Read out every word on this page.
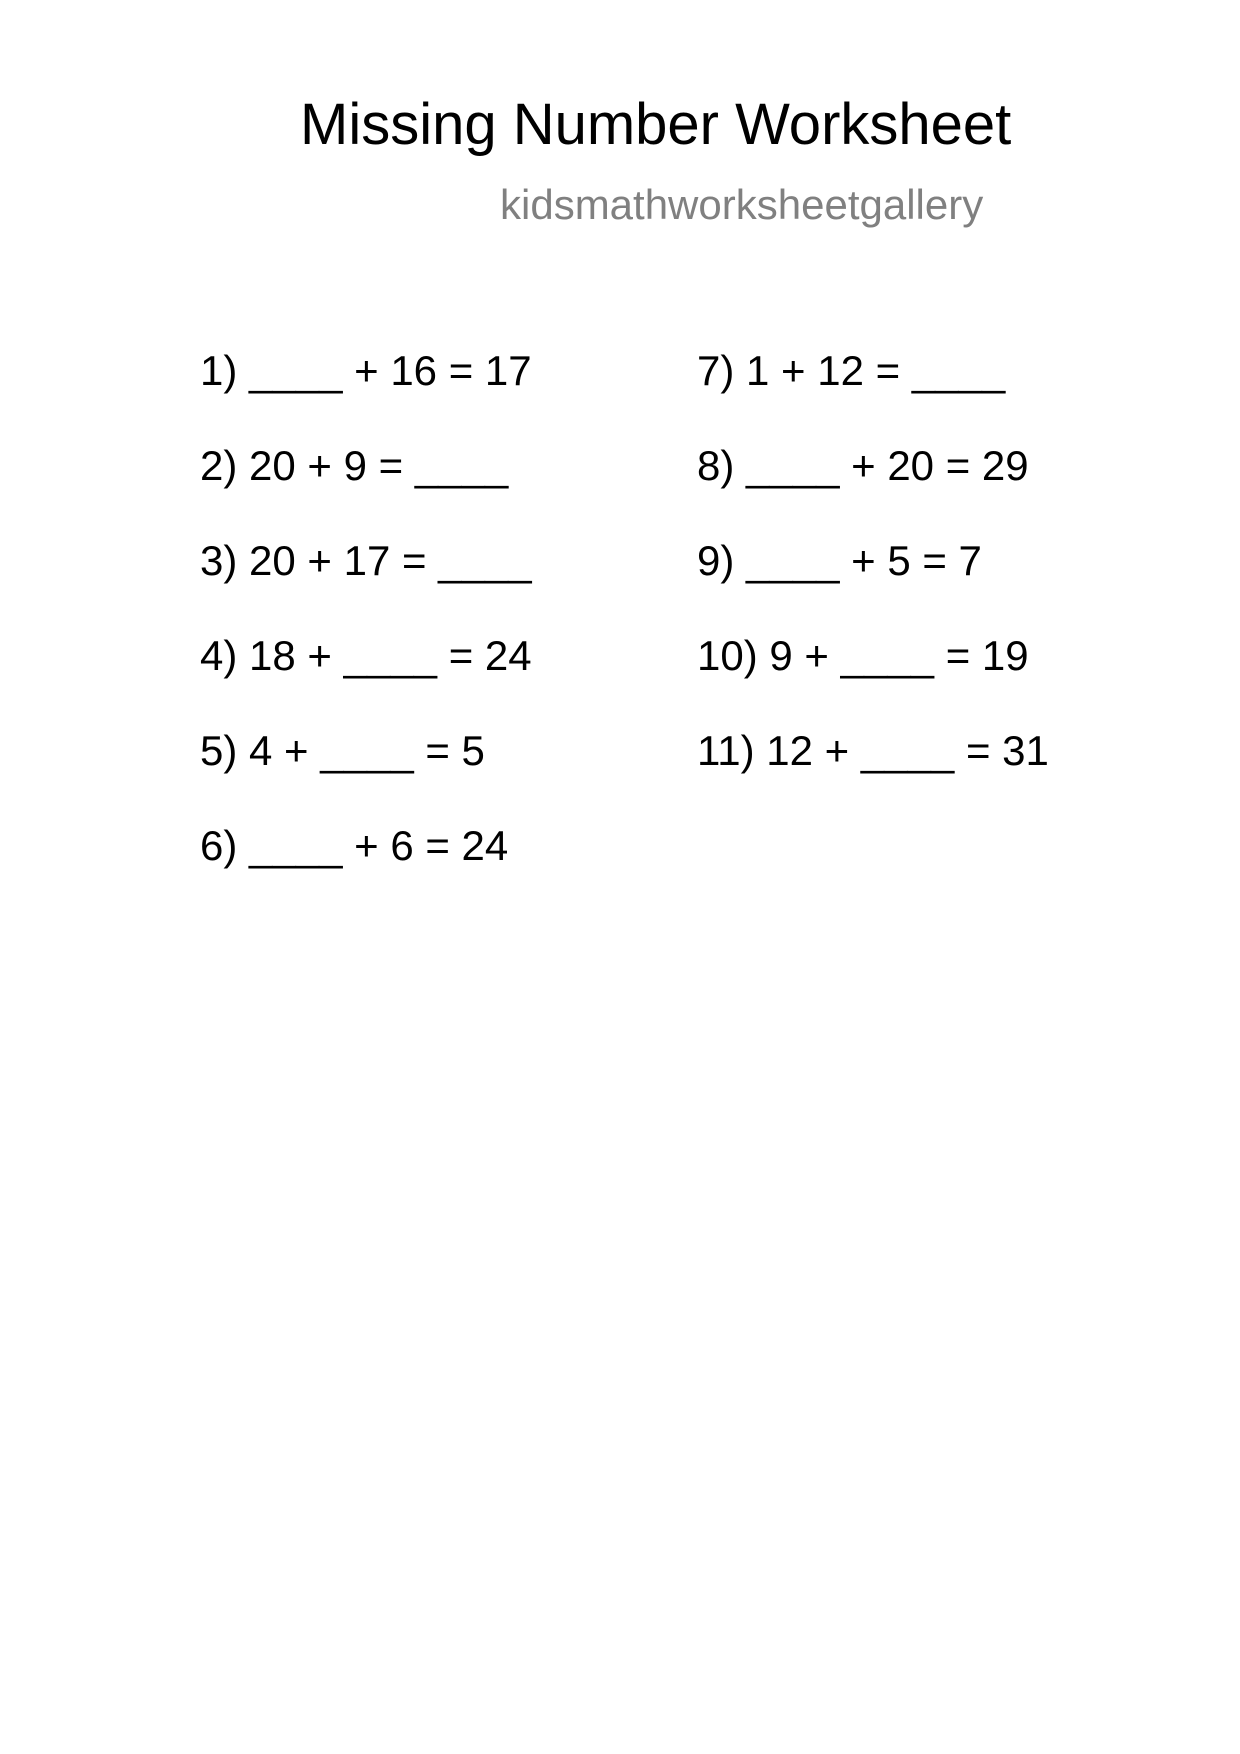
Missing Number Worksheet
kidsmathworksheetgallery
1) ____ + 16 = 17
2) 20 + 9 = ____
3) 20 + 17 = ____
4) 18 + ____ = 24
5) 4 + ____ = 5
6) ____ + 6 = 24
7) 1 + 12 = ____
8) ____ + 20 = 29
9) ____ + 5 = 7
10) 9 + ____ = 19
11) 12 + ____ = 31
